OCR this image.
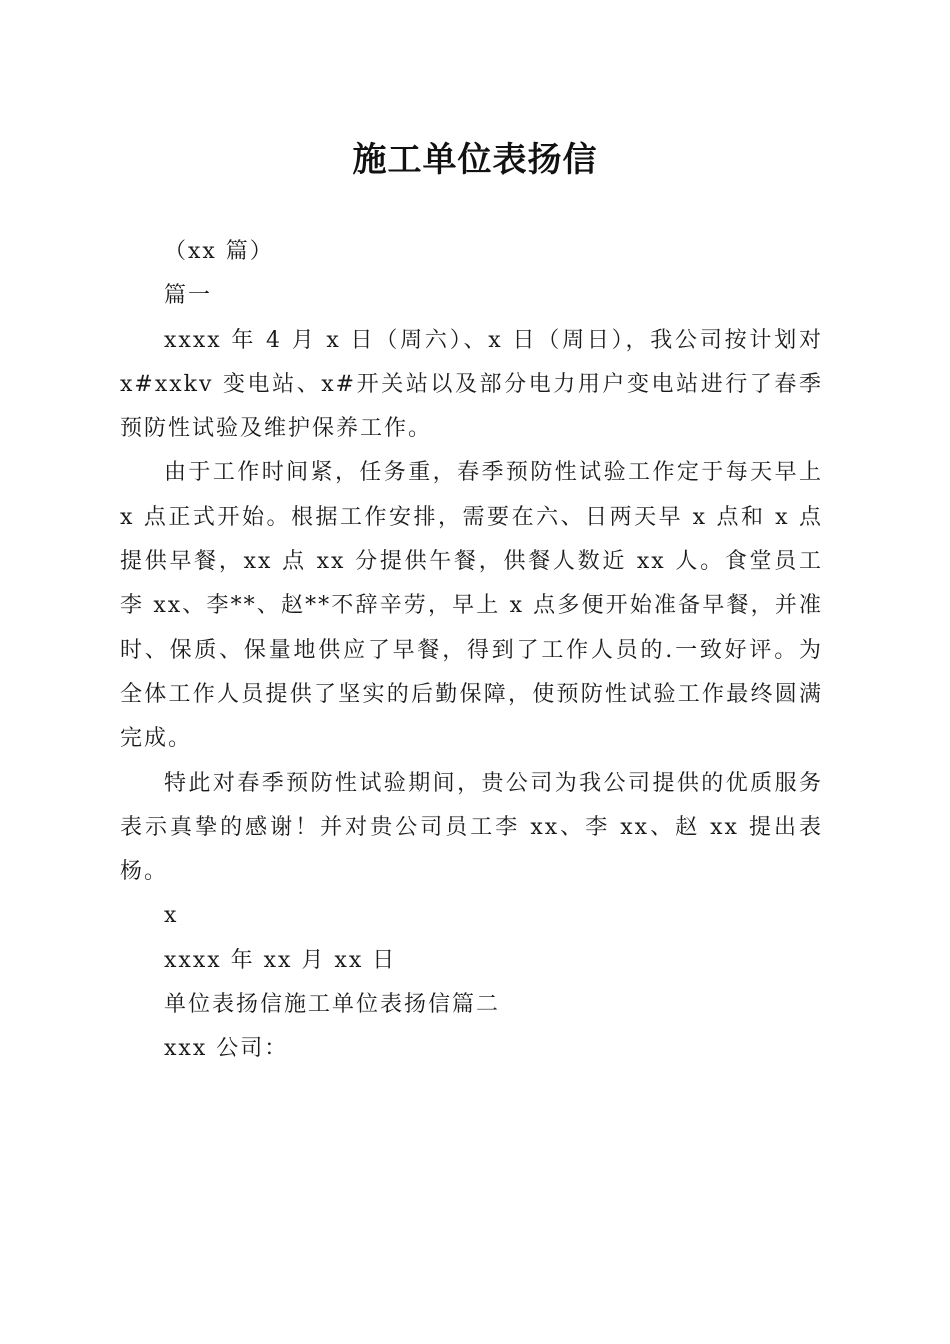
施工单位表扬信

（xx 篇）

篇一

xxxx 年 4 月 x 日（周六）、x 日（周日），我公司按计划对 x#xxkv 变电站、x#开关站以及部分电力用户变电站进行了春季预防性试验及维护保养工作。

由于工作时间紧，任务重，春季预防性试验工作定于每天早上 x 点正式开始。根据工作安排，需要在六、日两天早 x 点和 x 点提供早餐，xx 点 xx 分提供午餐，供餐人数近 xx 人。食堂员工李 xx、李**、赵**不辞辛劳，早上 x 点多便开始准备早餐，并准时、保质、保量地供应了早餐，得到了工作人员的.一致好评。为全体工作人员提供了坚实的后勤保障，使预防性试验工作最终圆满完成。

特此对春季预防性试验期间，贵公司为我公司提供的优质服务表示真挚的感谢！并对贵公司员工李 xx、李 xx、赵 xx 提出表杨。

x

xxxx 年 xx 月 xx 日

单位表扬信施工单位表扬信篇二

xxx 公司：
